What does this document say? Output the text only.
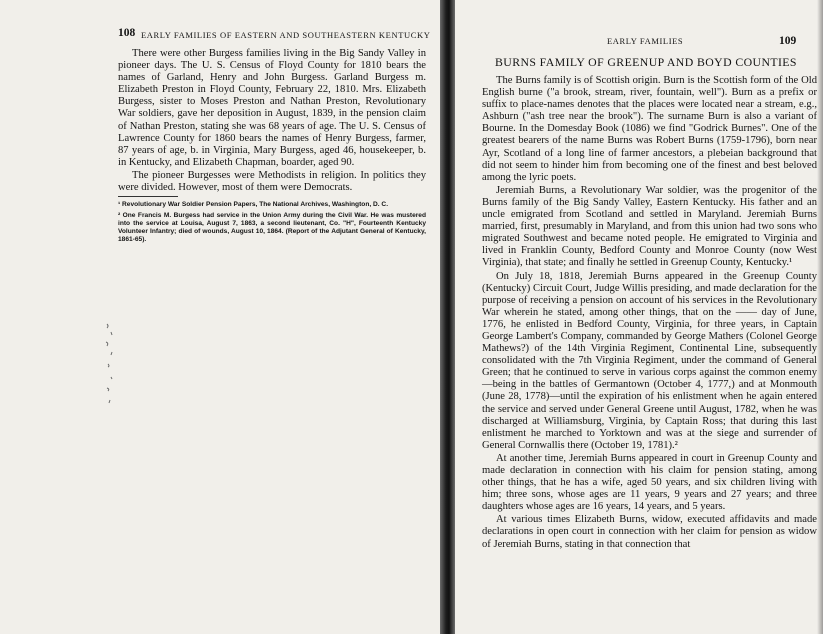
108 EARLY FAMILIES OF EASTERN AND SOUTHEASTERN KENTUCKY

There were other Burgess families living in the Big Sandy Valley in pioneer days. The U. S. Census of Floyd County for 1810 bears the names of Garland, Henry and John Burgess. Garland Burgess m. Elizabeth Preston in Floyd County, February 22, 1810. Mrs. Elizabeth Burgess, sister to Moses Preston and Nathan Preston, Revolutionary War soldiers, gave her deposition in August, 1839, in the pension claim of Nathan Preston, stating she was 68 years of age. The U. S. Census of Lawrence County for 1860 bears the names of Henry Burgess, farmer, 87 years of age, b. in Virginia, Mary Burgess, aged 46, housekeeper, b. in Kentucky, and Elizabeth Chapman, boarder, aged 90.

The pioneer Burgesses were Methodists in religion. In politics they were divided. However, most of them were Democrats.

¹ Revolutionary War Soldier Pension Papers, The National Archives, Washington, D. C.

² One Francis M. Burgess had service in the Union Army during the Civil War. He was mustered into the service at Louisa, August 7, 1863, a second lieutenant, Co. "H", Fourteenth Kentucky Volunteer Infantry; died of wounds, August 10, 1864. (Report of the Adjutant General of Kentucky, 1861-65).

EARLY FAMILIES	109
BURNS FAMILY OF GREENUP AND BOYD COUNTIES

The Burns family is of Scottish origin. Burn is the Scottish form of the Old English burne ("a brook, stream, river, fountain, well"). Burn as a prefix or suffix to place-names denotes that the places were located near a stream, e.g., Ashburn ("ash tree near the brook"). The surname Burn is also a variant of Bourne. In the Domesday Book (1086) we find "Godrick Burnes". One of the greatest bearers of the name Burns was Robert Burns (1759-1796), born near Ayr, Scotland of a long line of farmer ancestors, a plebeian background that did not seem to hinder him from becoming one of the finest and best beloved among the lyric poets.

Jeremiah Burns, a Revolutionary War soldier, was the progenitor of the Burns family of the Big Sandy Valley, Eastern Kentucky. His father and an uncle emigrated from Scotland and settled in Maryland. Jeremiah Burns married, first, presumably in Maryland, and from this union had two sons who migrated Southwest and became noted people. He emigrated to Virginia and lived in Franklin County, Bedford County and Monroe County (now West Virginia), that state; and finally he settled in Greenup County, Kentucky.¹

On July 18, 1818, Jeremiah Burns appeared in the Greenup County (Kentucky) Circuit Court, Judge Willis presiding, and made declaration for the purpose of receiving a pension on account of his services in the Revolutionary War wherein he stated, among other things, that on the —— day of June, 1776, he enlisted in Bedford County, Virginia, for three years, in Captain George Lambert's Company, commanded by George Mathers (Colonel George Mathews?) of the 14th Virginia Regiment, Continental Line, subsequently consolidated with the 7th Virginia Regiment, under the command of General Green; that he continued to serve in various corps against the common enemy—being in the battles of Germantown (October 4, 1777,) and at Monmouth (June 28, 1778)—until the expiration of his enlistment when he again entered the service and served under General Greene until August, 1782, when he was discharged at Williamsburg, Virginia, by Captain Ross; that during this last enlistment he marched to Yorktown and was at the siege and surrender of General Cornwallis there (October 19, 1781).²

At another time, Jeremiah Burns appeared in court in Greenup County and made declaration in connection with his claim for pension stating, among other things, that he has a wife, aged 50 years, and six children living with him; three sons, whose ages are 11 years, 9 years and 27 years; and three daughters whose ages are 16 years, 14 years, and 5 years.

At various times Elizabeth Burns, widow, executed affidavits and made declarations in open court in connection with her claim for pension as widow of Jeremiah Burns, stating in that connection that
